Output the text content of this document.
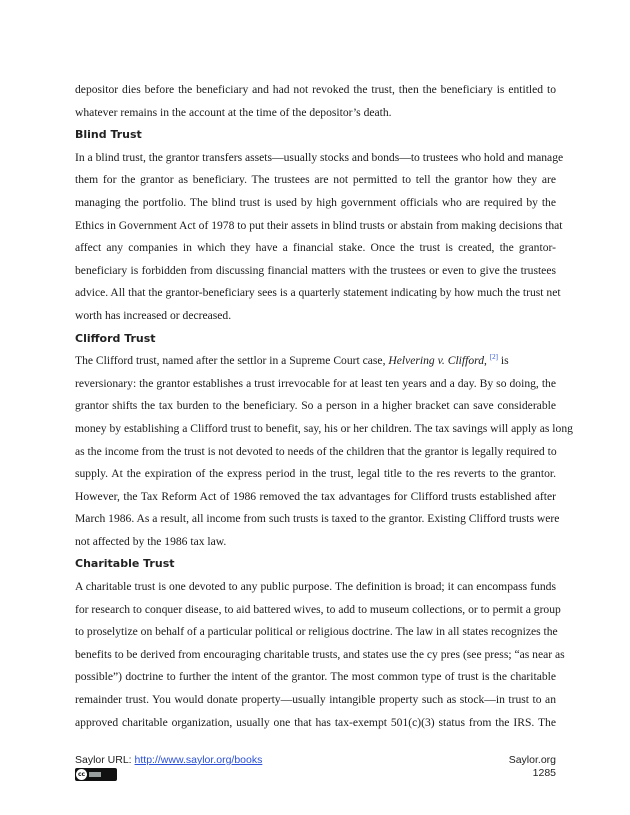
depositor dies before the beneficiary and had not revoked the trust, then the beneficiary is entitled to
whatever remains in the account at the time of the depositor’s death.
Blind Trust
In a blind trust, the grantor transfers assets—usually stocks and bonds—to trustees who hold and manage
them for the grantor as beneficiary. The trustees are not permitted to tell the grantor how they are
managing the portfolio. The blind trust is used by high government officials who are required by the
Ethics in Government Act of 1978 to put their assets in blind trusts or abstain from making decisions that
affect any companies in which they have a financial stake. Once the trust is created, the grantor-
beneficiary is forbidden from discussing financial matters with the trustees or even to give the trustees
advice. All that the grantor-beneficiary sees is a quarterly statement indicating by how much the trust net
worth has increased or decreased.
Clifford Trust
The Clifford trust, named after the settlor in a Supreme Court case, Helvering v. Clifford, [2] is
reversionary: the grantor establishes a trust irrevocable for at least ten years and a day. By so doing, the
grantor shifts the tax burden to the beneficiary. So a person in a higher bracket can save considerable
money by establishing a Clifford trust to benefit, say, his or her children. The tax savings will apply as long
as the income from the trust is not devoted to needs of the children that the grantor is legally required to
supply. At the expiration of the express period in the trust, legal title to the res reverts to the grantor.
However, the Tax Reform Act of 1986 removed the tax advantages for Clifford trusts established after
March 1986. As a result, all income from such trusts is taxed to the grantor. Existing Clifford trusts were
not affected by the 1986 tax law.
Charitable Trust
A charitable trust is one devoted to any public purpose. The definition is broad; it can encompass funds
for research to conquer disease, to aid battered wives, to add to museum collections, or to permit a group
to proselytize on behalf of a particular political or religious doctrine. The law in all states recognizes the
benefits to be derived from encouraging charitable trusts, and states use the cy pres (see press; “as near as
possible”) doctrine to further the intent of the grantor. The most common type of trust is the charitable
remainder trust. You would donate property—usually intangible property such as stock—in trust to an
approved charitable organization, usually one that has tax-exempt 501(c)(3) status from the IRS. The
Saylor URL: http://www.saylor.org/books
cc
Saylor.org
1285
